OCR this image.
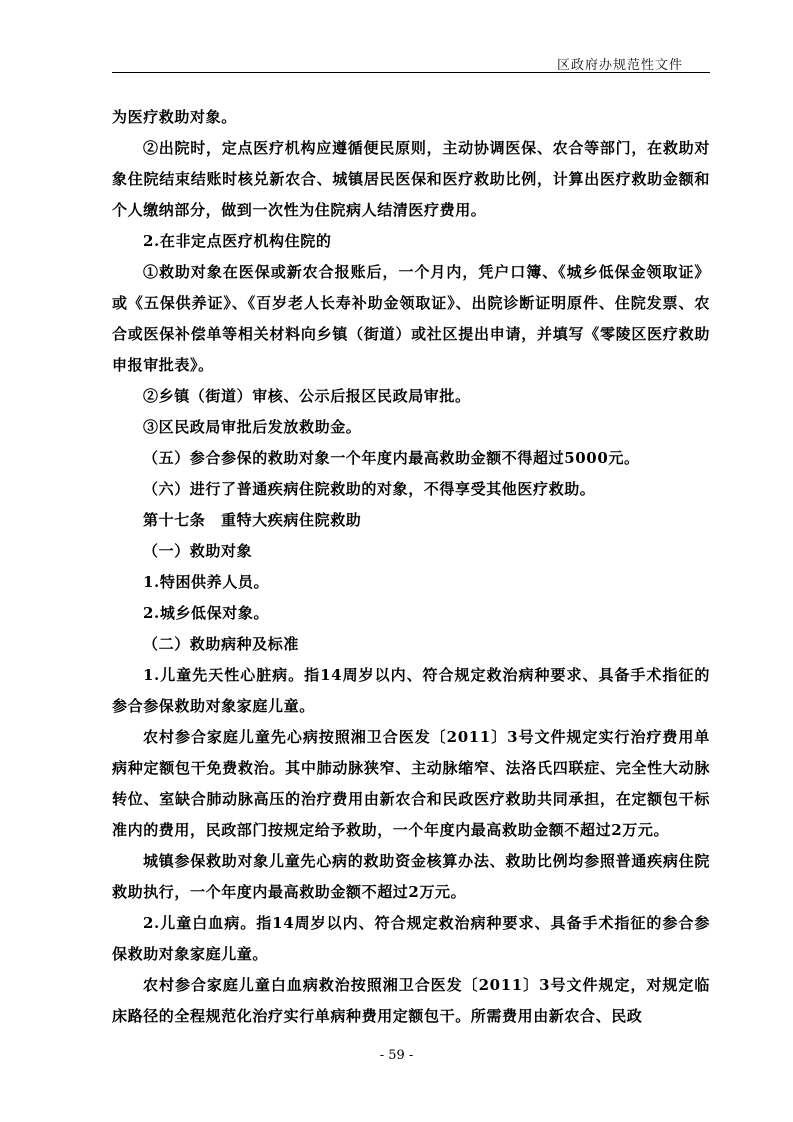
区政府办规范性文件

为医疗救助对象。

②出院时，定点医疗机构应遵循便民原则，主动协调医保、农合等部门，在救助对象住院结束结账时核兑新农合、城镇居民医保和医疗救助比例，计算出医疗救助金额和个人缴纳部分，做到一次性为住院病人结清医疗费用。

2.在非定点医疗机构住院的

①救助对象在医保或新农合报账后，一个月内，凭户口簿、《城乡低保金领取证》或《五保供养证》、《百岁老人长寿补助金领取证》、出院诊断证明原件、住院发票、农合或医保补偿单等相关材料向乡镇（街道）或社区提出申请，并填写《零陵区医疗救助申报审批表》。

②乡镇（街道）审核、公示后报区民政局审批。

③区民政局审批后发放救助金。

（五）参合参保的救助对象一个年度内最高救助金额不得超过5000元。

（六）进行了普通疾病住院救助的对象，不得享受其他医疗救助。

第十七条　重特大疾病住院救助

（一）救助对象

1.特困供养人员。

2.城乡低保对象。

（二）救助病种及标准

1.儿童先天性心脏病。指14周岁以内、符合规定救治病种要求、具备手术指征的参合参保救助对象家庭儿童。

农村参合家庭儿童先心病按照湘卫合医发〔2011〕3号文件规定实行治疗费用单病种定额包干免费救治。其中肺动脉狭窄、主动脉缩窄、法洛氏四联症、完全性大动脉转位、室缺合肺动脉高压的治疗费用由新农合和民政医疗救助共同承担，在定额包干标准内的费用，民政部门按规定给予救助，一个年度内最高救助金额不超过2万元。

城镇参保救助对象儿童先心病的救助资金核算办法、救助比例均参照普通疾病住院救助执行，一个年度内最高救助金额不超过2万元。

2.儿童白血病。指14周岁以内、符合规定救治病种要求、具备手术指征的参合参保救助对象家庭儿童。

农村参合家庭儿童白血病救治按照湘卫合医发〔2011〕3号文件规定，对规定临床路径的全程规范化治疗实行单病种费用定额包干。所需费用由新农合、民政

- 59 -
